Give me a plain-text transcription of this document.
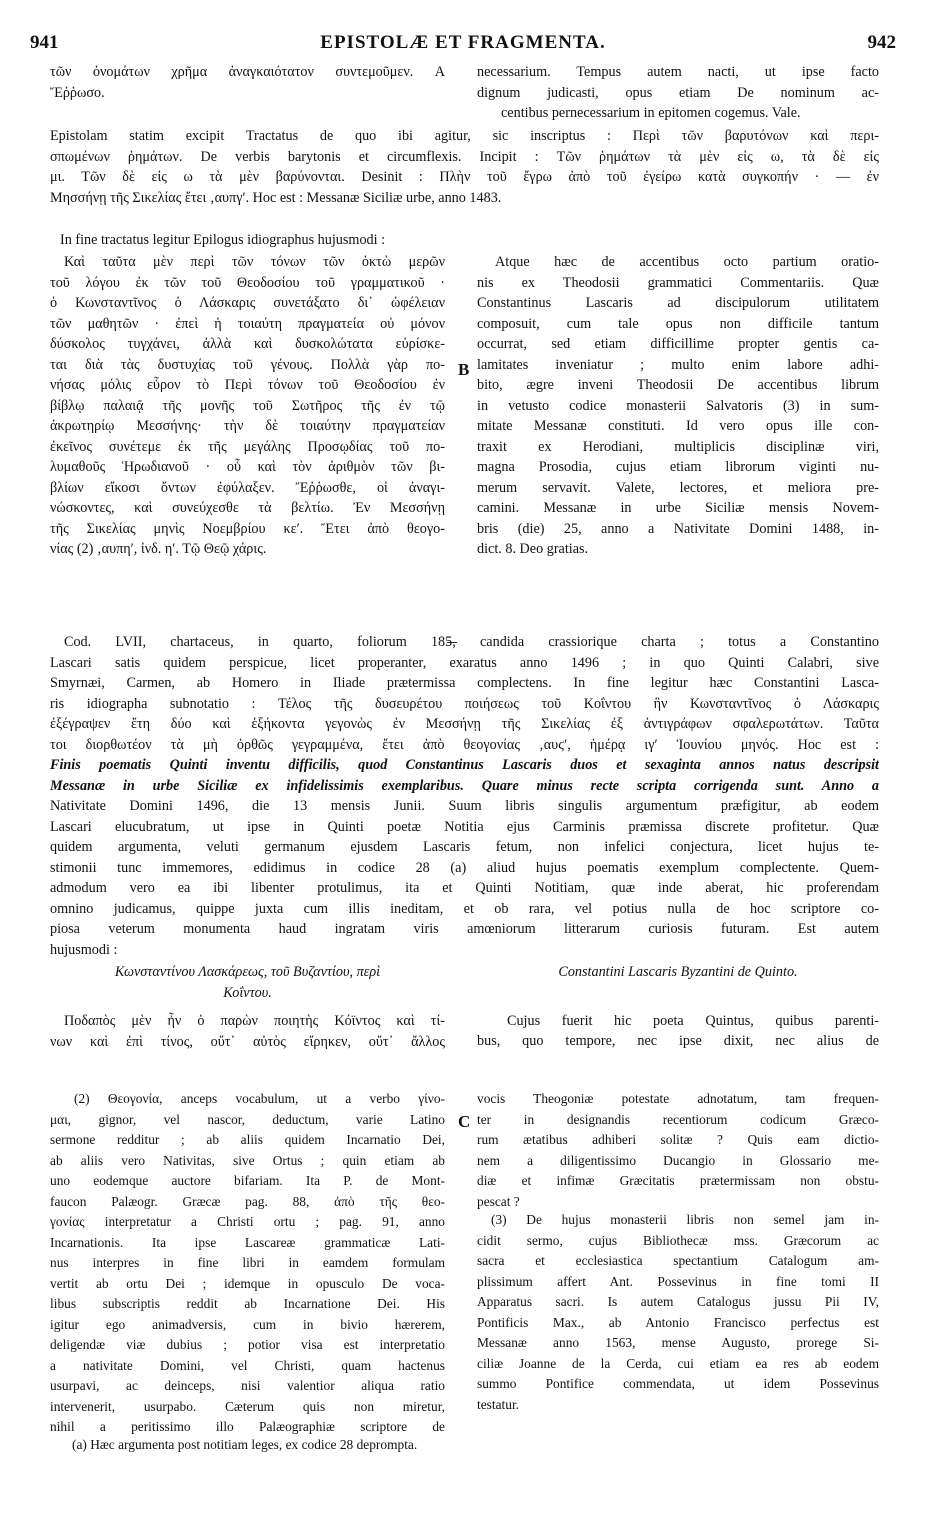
941	EPISTOLÆ ET FRAGMENTA.	942
τῶν ὀνομάτων χρῆμα ἀναγκαιότατον συντεμοῦμεν. A
Ἔῤῥωσο.
necessarium. Tempus autem nacti, ut ipse facto
dignum judicasti, opus etiam De nominum ac-
centibus pernecessarium in epitomen cogemus. Vale.
Epistolam statim excipit Tractatus de quo ibi agitur, sic inscriptus : Περὶ τῶν βαρυτόνων καὶ περι-
σπωμένων ῥημάτων. De verbis barytonis et circumflexis. Incipit : Τῶν ῥημάτων τὰ μὲν εἰς ω, τὰ δὲ εἰς
μι. Τῶν δὲ εἰς ω τὰ μὲν βαρύνονται. Desinit : Πλὴν τοῦ ἔγρω ἀπὸ τοῦ ἐγείρω κατὰ συγκοπήν · — ἐν
Μησσήνῃ τῆς Σικελίας ἔτει ‚αυπγʹ. Hoc est : Messanæ Siciliæ urbe, anno 1483.
In fine tractatus legitur Epilogus idiographus hujusmodi :
Καὶ ταῦτα μὲν περὶ τῶν τόνων τῶν ὀκτὼ μερῶν
τοῦ λόγου ἐκ τῶν τοῦ Θεοδοσίου τοῦ γραμματικοῦ ·
ὁ Κωνσταντῖνος ὁ Λάσκαρις συνετάξατο δι᾿ ὠφέλειαν
τῶν μαθητῶν · ἐπεὶ ἡ τοιαύτη πραγματεία οὐ μόνον
δύσκολος τυγχάνει, ἀλλὰ καὶ δυσκολώτατα εὑρίσκε-
ται διὰ τὰς δυστυχίας τοῦ γένους. Πολλὰ γὰρ πο-
νήσας μόλις εὗρον τὸ Περὶ τόνων τοῦ Θεοδοσίου ἐν
βίβλῳ παλαιᾷ τῆς μονῆς τοῦ Σωτῆρος τῆς ἐν τῷ
ἀκρωτηρίῳ Μεσσήνης· τὴν δὲ τοιαύτην πραγματείαν
ἐκεῖνος συνέτεμε ἐκ τῆς μεγάλης Προσῳδίας τοῦ πο-
λυμαθοῦς Ἡρωδιανοῦ · οὗ καὶ τὸν ἀριθμὸν τῶν βι-
βλίων εἴκοσι ὄντων ἐφύλαξεν. Ἔῤῥωσθε, οἱ ἀναγι-
νώσκοντες, καὶ συνεύχεσθε τὰ βελτίω. Ἐν Μεσσήνῃ
τῆς Σικελίας μηνὶς Νοεμβρίου κεʹ. Ἔτει ἀπὸ θεογο-
νίας (2) ‚αυπηʹ, ἰνδ. ηʹ. Τῷ Θεῷ χάρις.
Atque hæc de accentibus octo partium oratio-
nis ex Theodosii grammatici Commentariis. Quæ
Constantinus Lascaris ad discipulorum utilitatem
composuit, cum tale opus non difficile tantum
occurrat, sed etiam difficillime propter gentis ca-
lamitates inveniatur ; multo enim labore adhi-
bito, ægre inveni Theodosii De accentibus librum
in vetusto codice monasterii Salvatoris (3) in sum-
mitate Messanæ constituti. Id vero opus ille con-
traxit ex Herodiani, multiplicis disciplinæ viri,
magna Prosodia, cujus etiam librorum viginti nu-
merum servavit. Valete, lectores, et meliora pre-
camini. Messanæ in urbe Siciliæ mensis Novem-
bris (die) 25, anno a Nativitate Domini 1488, in-
dict. 8. Deo gratias.
B
Cod. LVII, chartaceus, in quarto, foliorum 185, candida crassiorique charta ; totus a Constantino
Lascari satis quidem perspicue, licet properanter, exaratus anno 1496 ; in quo Quinti Calabri, sive
Smyrnæi, Carmen, ab Homero in Iliade prætermissa complectens. In fine legitur hæc Constantini Lasca-
ris idiographa subnotatio : Τέλος τῆς δυσευρέτου ποιήσεως τοῦ Κοΐντου ἣν Κωνσταντῖνος ὁ Λάσκαρις
ἐξέγραψεν ἔτη δύο καὶ ἑξήκοντα γεγονὼς ἐν Μεσσήνῃ τῆς Σικελίας ἐξ ἀντιγράφων σφαλερωτάτων. Ταῦτα
τοι διορθωτέον τὰ μὴ ὀρθῶς γεγραμμένα, ἔτει ἀπὸ θεογονίας ‚αυϛʹ, ἡμέρᾳ ιγʹ Ἰουνίου μηνός. Hoc est :
Finis poematis Quinti inventu difficilis, quod Constantinus Lascaris duos et sexaginta annos natus descripsit
Messanæ in urbe Siciliæ ex infidelissimis exemplaribus. Quare minus recte scripta corrigenda sunt. Anno a
Nativitate Domini 1496, die 13 mensis Junii. Suum libris singulis argumentum præfigitur, ab eodem
Lascari elucubratum, ut ipse in Quinti poetæ Notitia ejus Carminis præmissa discrete profitetur. Quæ
quidem argumenta, veluti germanum ejusdem Lascaris fetum, non infelici conjectura, licet hujus te-
stimonii tunc immemores, edidimus in codice 28 (a) aliud hujus poematis exemplum complectente. Quem-
admodum vero ea ibi libenter protulimus, ita et Quinti Notitiam, quæ inde aberat, hic proferendam
omnino judicamus, quippe juxta cum illis ineditam, et ob rara, vel potius nulla de hoc scriptore co-
piosa veterum monumenta haud ingratam viris amœniorum litterarum curiosis futuram. Est autem
hujusmodi :
Κωνσταντίνου Λασκάρεως, τοῦ Βυζαντίου, περὶ
Κοΐντου.
Ποδαπὸς μὲν ἦν ὁ παρὼν ποιητὴς Κόϊντος καὶ τί-
νων καὶ ἐπὶ τίνος, οὔτ᾿ αὐτὸς εἴρηκεν, οὔτ᾿ ἄλλος
Constantini Lascaris Byzantini de Quinto.
Cujus fuerit hic poeta Quintus, quibus parenti-
bus, quo tempore, nec ipse dixit, nec alius de
(2) Θεογονία, anceps vocabulum, ut a verbo γίνο-
μαι, gignor, vel nascor, deductum, varie Latino
sermone redditur ; ab aliis quidem Incarnatio Dei,
ab aliis vero Nativitas, sive Ortus ; quin etiam ab
uno eodemque auctore bifariam. Ita P. de Mont-
faucon Palæogr. Græcæ pag. 88, ἀπὸ τῆς θεο-
γονίας interpretatur a Christi ortu ; pag. 91, anno
Incarnationis. Ita ipse Lascareæ grammaticæ Lati-
nus interpres in fine libri in eamdem formulam
vertit ab ortu Dei ; idemque in opusculo De voca-
libus subscriptis reddit ab Incarnatione Dei. His
igitur ego animadversis, cum in bivio hærerem,
deligendæ viæ dubius ; potior visa est interpretatio
a nativitate Domini, vel Christi, quam hactenus
usurpavi, ac deinceps, nisi valentior aliqua ratio
intervenerit, usurpabo. Cæterum quis non miretur,
nihil a peritissimo illo Palæographiæ scriptore de
C
vocis Theogoniæ potestate adnotatum, tam frequen-
ter in designandis recentiorum codicum Græco-
rum ætatibus adhiberi solitæ ? Quis eam dictio-
nem a diligentissimo Ducangio in Glossario me-
diæ et infimæ Græcitatis prætermissam non obstu-
pescat ?
(3) De hujus monasterii libris non semel jam in-
cidit sermo, cujus Bibliothecæ mss. Græcorum ac
sacra et ecclesiastica spectantium Catalogum am-
plissimum affert Ant. Possevinus in fine tomi II
Apparatus sacri. Is autem Catalogus jussu Pii IV,
Pontificis Max., ab Antonio Francisco perfectus est
Messanæ anno 1563, mense Augusto, prorege Si-
ciliæ Joanne de la Cerda, cui etiam ea res ab eodem
summo Pontifice commendata, ut idem Possevinus
testatur.
(a) Hæc argumenta post notitiam leges, ex codice 28 deprompta.
